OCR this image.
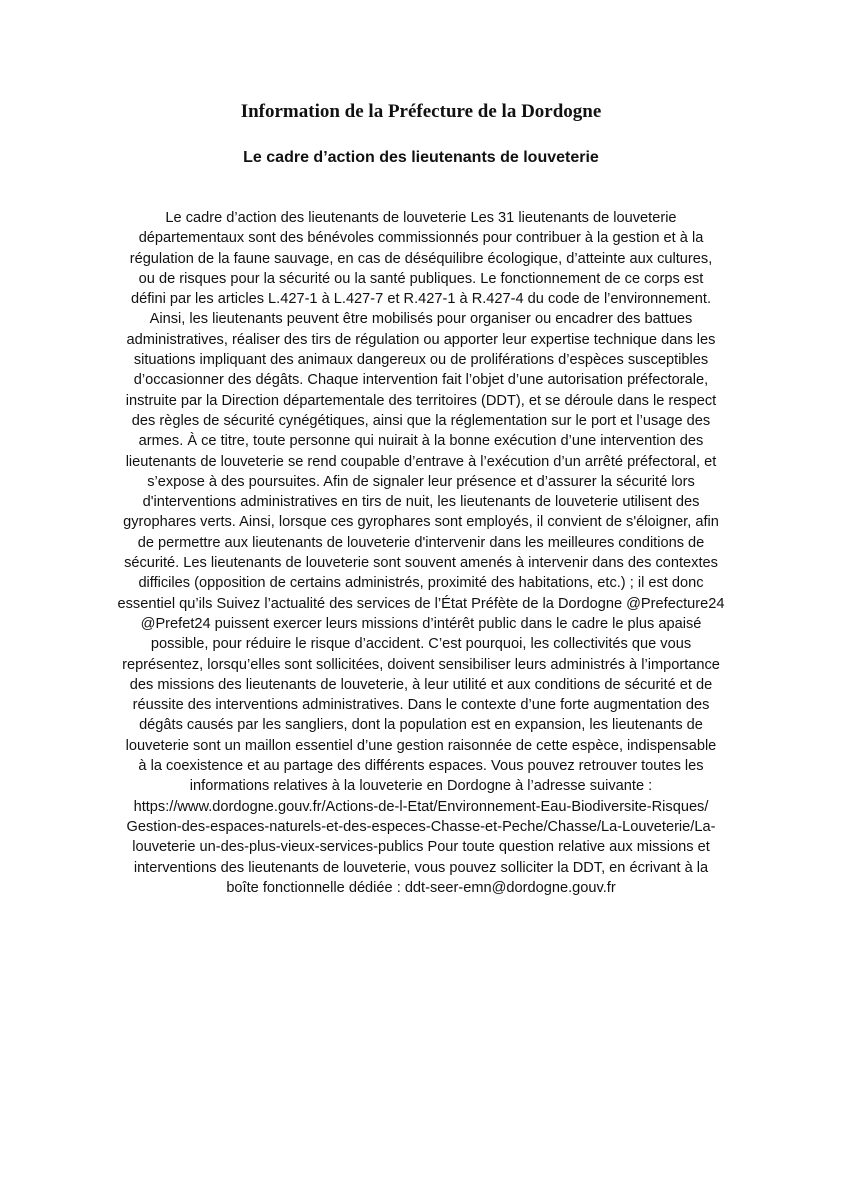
Information de la Préfecture de la Dordogne
Le cadre d’action des lieutenants de louveterie

Le cadre d’action des lieutenants de louveterie Les 31 lieutenants de louveterie
départementaux sont des bénévoles commissionnés pour contribuer à la gestion et à la
régulation de la faune sauvage, en cas de déséquilibre écologique, d’atteinte aux cultures,
ou de risques pour la sécurité ou la santé publiques. Le fonctionnement de ce corps est
défini par les articles L.427-1 à L.427-7 et R.427-1 à R.427-4 du code de l’environnement.
Ainsi, les lieutenants peuvent être mobilisés pour organiser ou encadrer des battues
administratives, réaliser des tirs de régulation ou apporter leur expertise technique dans les
situations impliquant des animaux dangereux ou de proliférations d’espèces susceptibles
d’occasionner des dégâts. Chaque intervention fait l’objet d’une autorisation préfectorale,
instruite par la Direction départementale des territoires (DDT), et se déroule dans le respect
des règles de sécurité cynégétiques, ainsi que la réglementation sur le port et l’usage des
armes. À ce titre, toute personne qui nuirait à la bonne exécution d’une intervention des
lieutenants de louveterie se rend coupable d’entrave à l’exécution d’un arrêté préfectoral, et
s’expose à des poursuites. Afin de signaler leur présence et d’assurer la sécurité lors
d'interventions administratives en tirs de nuit, les lieutenants de louveterie utilisent des
gyrophares verts. Ainsi, lorsque ces gyrophares sont employés, il convient de s'éloigner, afin
de permettre aux lieutenants de louveterie d'intervenir dans les meilleures conditions de
sécurité. Les lieutenants de louveterie sont souvent amenés à intervenir dans des contextes
difficiles (opposition de certains administrés, proximité des habitations, etc.) ; il est donc
essentiel qu’ils Suivez l’actualité des services de l’État Préfète de la Dordogne @Prefecture24
@Prefet24 puissent exercer leurs missions d’intérêt public dans le cadre le plus apaisé
possible, pour réduire le risque d’accident. C’est pourquoi, les collectivités que vous
représentez, lorsqu’elles sont sollicitées, doivent sensibiliser leurs administrés à l’importance
des missions des lieutenants de louveterie, à leur utilité et aux conditions de sécurité et de
réussite des interventions administratives. Dans le contexte d’une forte augmentation des
dégâts causés par les sangliers, dont la population est en expansion, les lieutenants de
louveterie sont un maillon essentiel d’une gestion raisonnée de cette espèce, indispensable
à la coexistence et au partage des différents espaces. Vous pouvez retrouver toutes les
informations relatives à la louveterie en Dordogne à l’adresse suivante :
https://www.dordogne.gouv.fr/Actions-de-l-Etat/Environnement-Eau-Biodiversite-Risques/
Gestion-des-espaces-naturels-et-des-especes-Chasse-et-Peche/Chasse/La-Louveterie/La-
louveterie un-des-plus-vieux-services-publics Pour toute question relative aux missions et
interventions des lieutenants de louveterie, vous pouvez solliciter la DDT, en écrivant à la
boîte fonctionnelle dédiée : ddt-seer-emn@dordogne.gouv.fr
